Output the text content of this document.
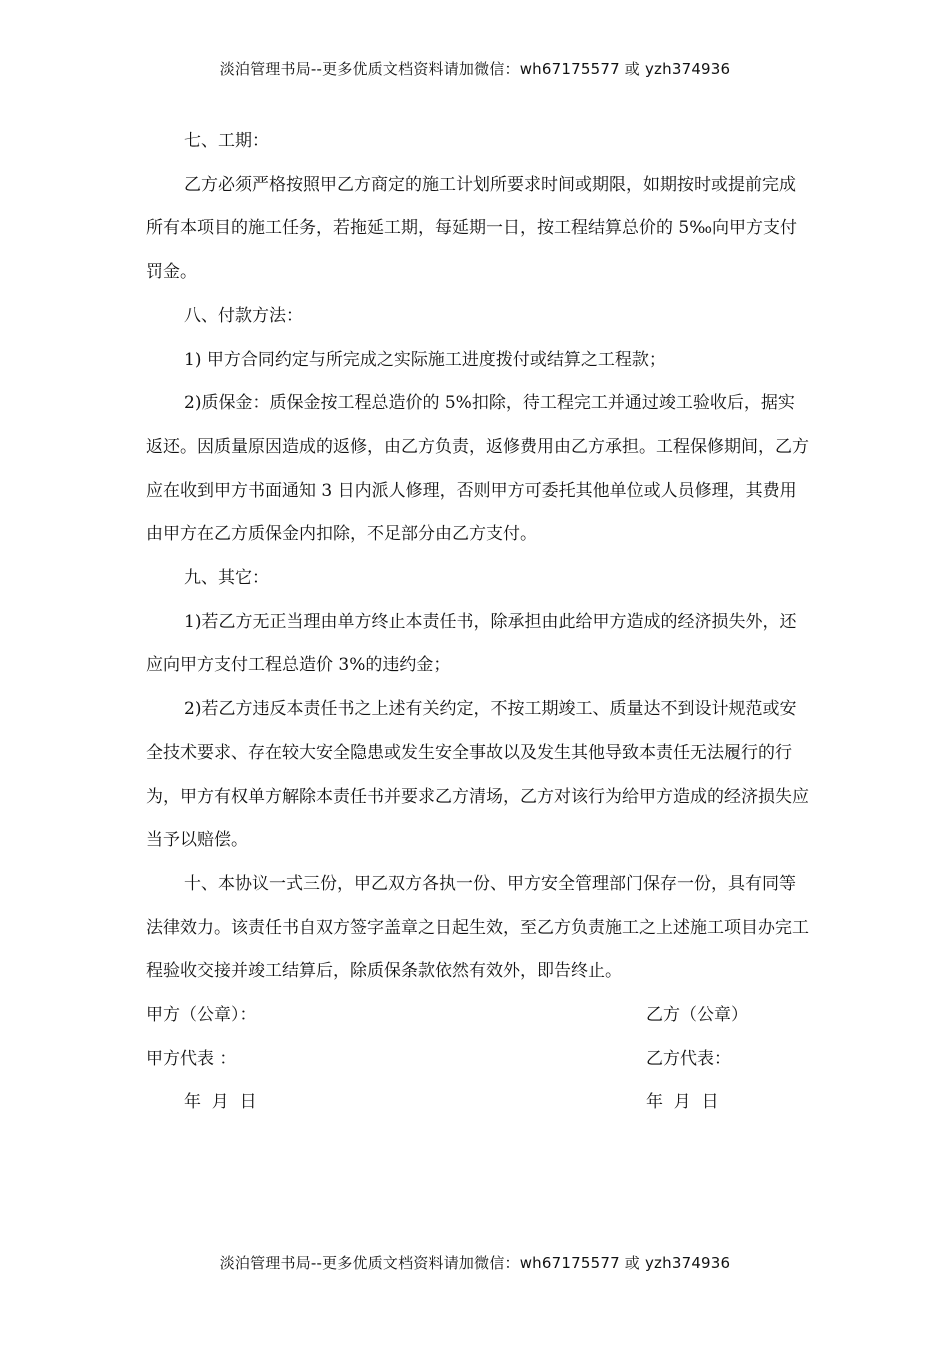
淡泊管理书局--更多优质文档资料请加微信：wh67175577 或 yzh374936

七、工期：

乙方必须严格按照甲乙方商定的施工计划所要求时间或期限，如期按时或提前完成所有本项目的施工任务，若拖延工期，每延期一日，按工程结算总价的 5‰向甲方支付罚金。

八、付款方法：

1) 甲方合同约定与所完成之实际施工进度拨付或结算之工程款；

2)质保金：质保金按工程总造价的 5%扣除，待工程完工并通过竣工验收后，据实返还。因质量原因造成的返修，由乙方负责，返修费用由乙方承担。工程保修期间，乙方应在收到甲方书面通知 3 日内派人修理，否则甲方可委托其他单位或人员修理，其费用由甲方在乙方质保金内扣除，不足部分由乙方支付。

九、其它：

1)若乙方无正当理由单方终止本责任书，除承担由此给甲方造成的经济损失外，还应向甲方支付工程总造价 3%的违约金；

2)若乙方违反本责任书之上述有关约定，不按工期竣工、质量达不到设计规范或安全技术要求、存在较大安全隐患或发生安全事故以及发生其他导致本责任无法履行的行为，甲方有权单方解除本责任书并要求乙方清场，乙方对该行为给甲方造成的经济损失应当予以赔偿。

十、本协议一式三份，甲乙双方各执一份、甲方安全管理部门保存一份，具有同等法律效力。该责任书自双方签字盖章之日起生效，至乙方负责施工之上述施工项目办完工程验收交接并竣工结算后，除质保条款依然有效外，即告终止。

甲方（公章）：	乙方（公章）
甲方代表 ：	乙方代表：
年  月  日	年  月  日
淡泊管理书局--更多优质文档资料请加微信：wh67175577 或 yzh374936
